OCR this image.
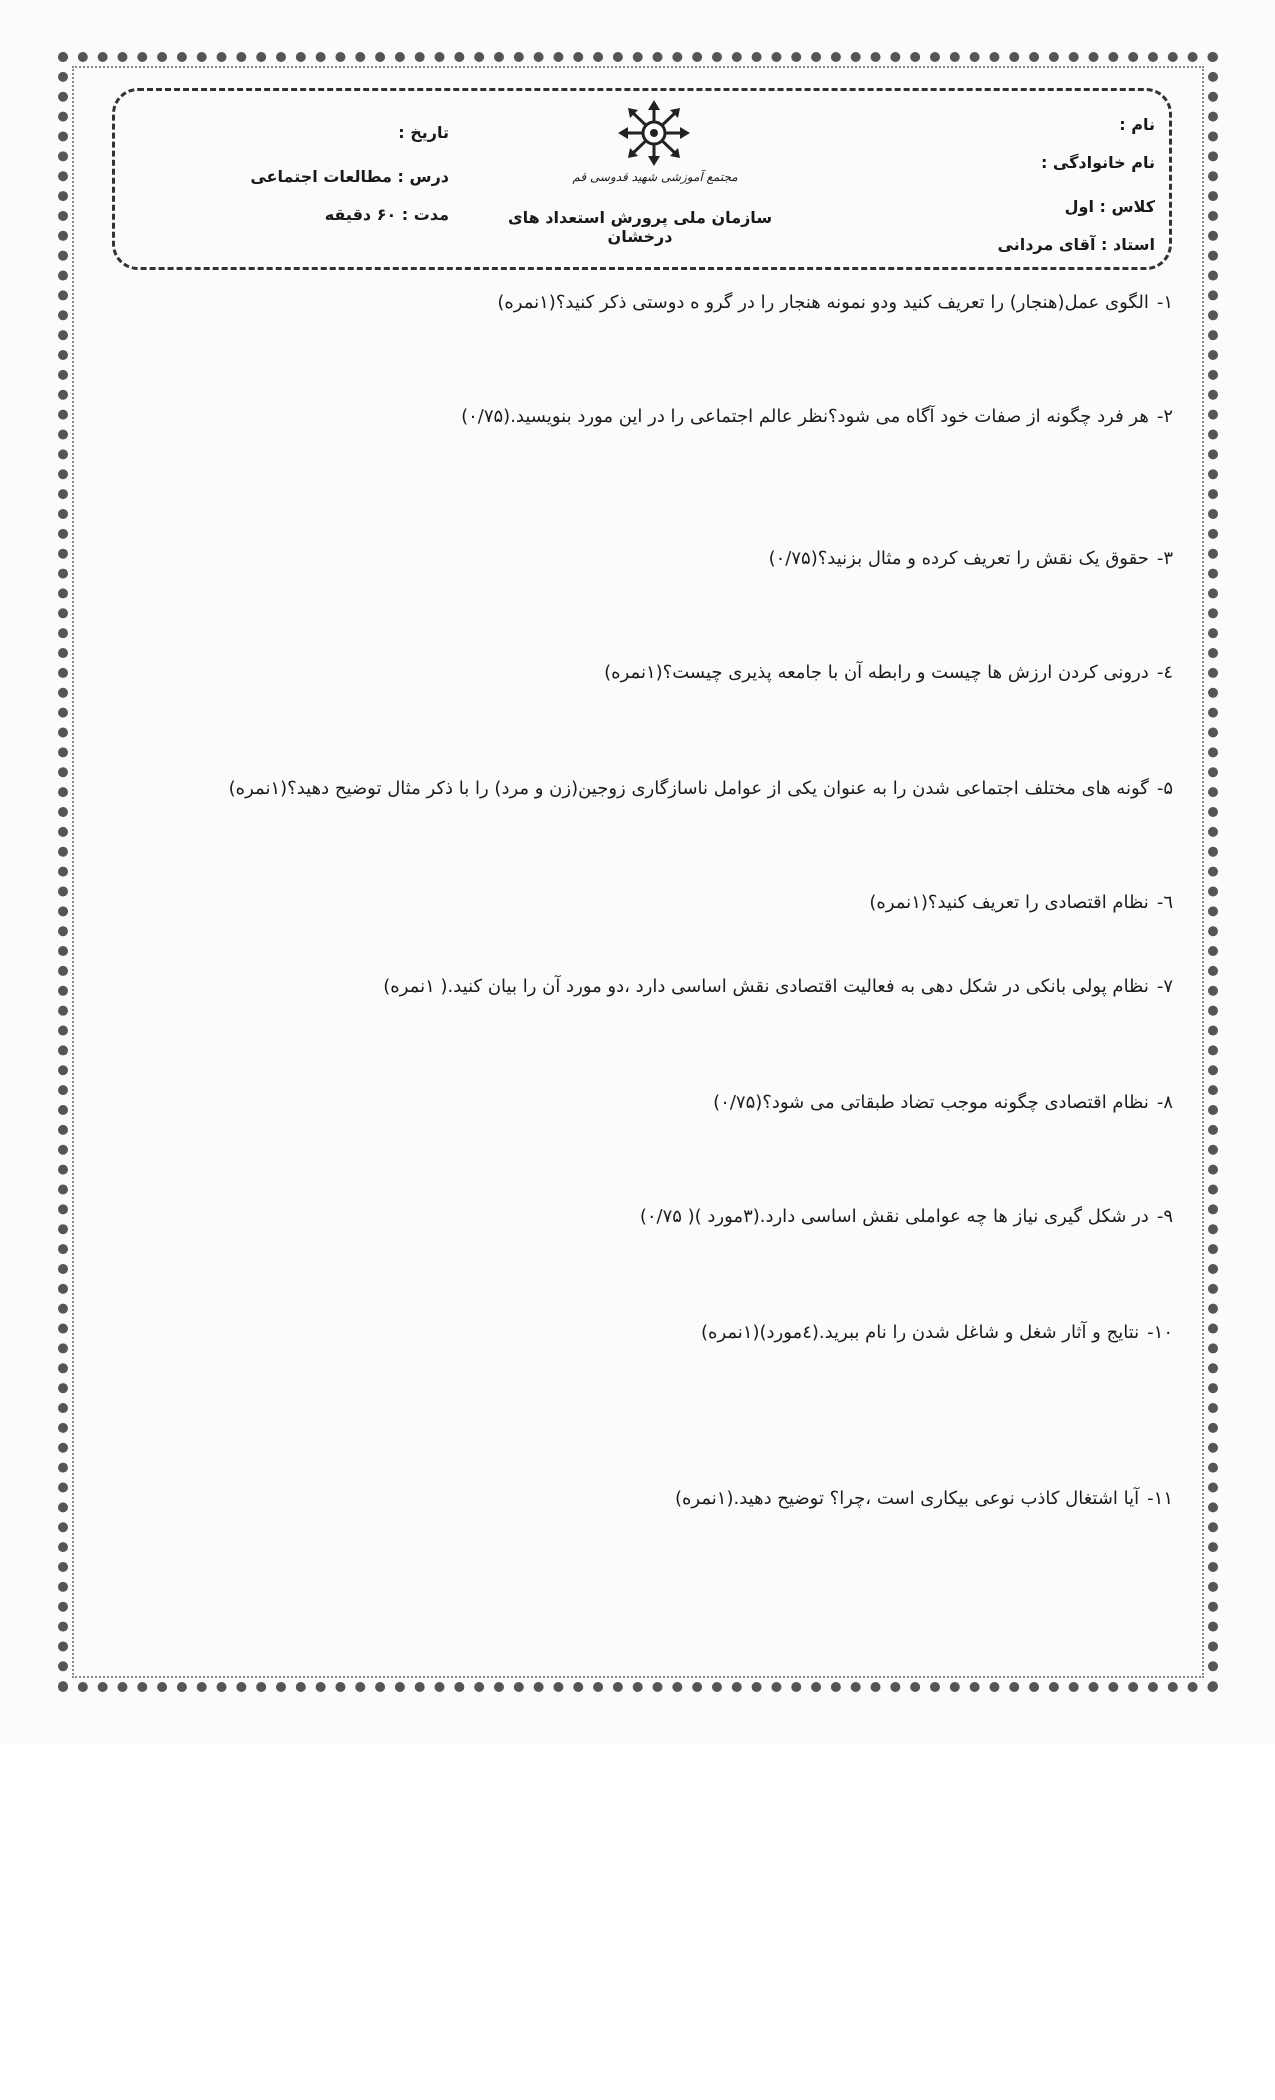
نام :
نام خانوادگی :
کلاس : اول
استاد : آقای مردانی
تاریخ :
درس : مطالعات اجتماعی
مدت : ۶۰ دقیقه
مجتمع آموزشی شهید قدوسی قم
سازمان ملی پرورش استعداد های درخشان
۱-الگوی عمل(هنجار) را تعریف کنید ودو نمونه هنجار را در گرو ه دوستی ذکر کنید؟(۱نمره)
۲-هر فرد چگونه از صفات خود آگاه می شود؟نظر عالم اجتماعی را در این مورد بنویسید.(۰/۷۵)
۳-حقوق یک نقش را تعریف کرده و مثال بزنید؟(۰/۷۵)
٤-درونی کردن ارزش ها چیست و رابطه آن با جامعه پذیری چیست؟(۱نمره)
۵-گونه های مختلف اجتماعی شدن را به عنوان یکی از عوامل ناسازگاری زوجین(زن و مرد) را با ذکر مثال توضیح دهید؟(۱نمره)
٦-نظام اقتصادی را تعریف کنید؟(۱نمره)
۷-نظام پولی بانکی در شکل دهی به فعالیت اقتصادی نقش اساسی دارد ،دو مورد آن را بیان کنید.( ۱نمره)
۸-نظام اقتصادی چگونه موجب تضاد طبقاتی می شود؟(۰/۷۵)
۹-در شکل گیری نیاز ها چه عواملی نقش اساسی دارد.(۳مورد )( ۰/۷۵)
۱۰-نتایج و آثار شغل و شاغل شدن را نام ببرید.(٤مورد)(۱نمره)
۱۱-آیا اشتغال کاذب نوعی بیکاری است ،چرا؟ توضیح دهید.(۱نمره)
